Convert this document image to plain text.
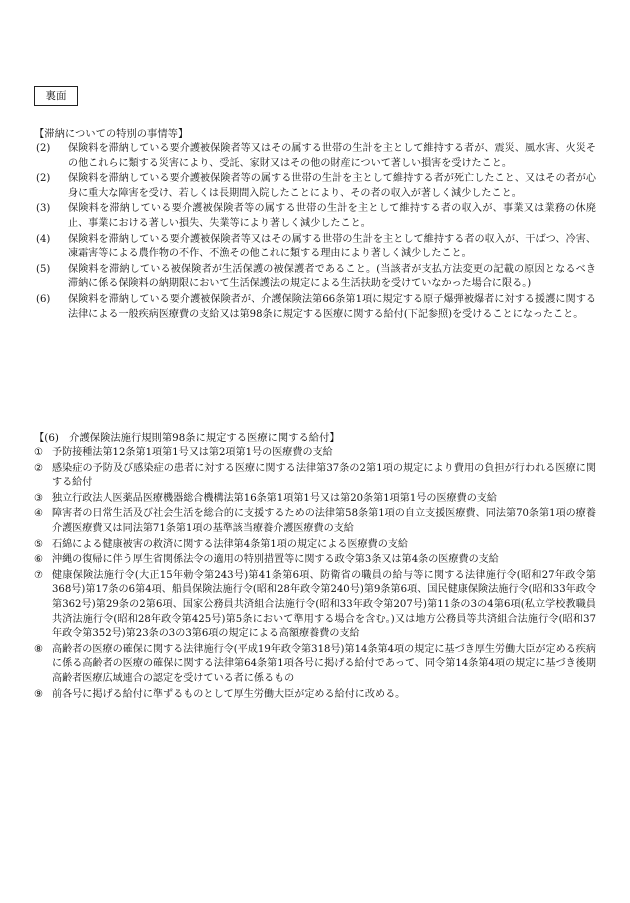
裏面
【滞納についての特別の事情等】
(2) 保険料を滞納している要介護被保険者等又はその属する世帯の生計を主として維持する者が、震災、風水害、火災その他これらに類する災害により、受託、家財又はその他の財産について著しい損害を受けたこと。
(2) 保険料を滞納している要介護被保険者等の属する世帯の生計を主として維持する者が死亡したこと、又はその者が心身に重大な障害を受け、若しくは長期間入院したことにより、その者の収入が著しく減少したこと。
(3) 保険料を滞納している要介護被保険者等の属する世帯の生計を主として維持する者の収入が、事業又は業務の休廃止、事業における著しい損失、失業等により著しく減少したこと。
(4) 保険料を滞納している要介護被保険者等又はその属する世帯の生計を主として維持する者の収入が、干ばつ、冷害、凍霜害等による農作物の不作、不漁その他これに類する理由により著しく減少したこと。
(5) 保険料を滞納している被保険者が生活保護の被保護者であること。(当該者が支払方法変更の記載の原因となるべき滞納に係る保険料の納期限において生活保護法の規定による生活扶助を受けていなかった場合に限る。)
(6) 保険料を滞納している要介護被保険者が、介護保険法第66条第1項に規定する原子爆弾被爆者に対する援護に関する法律による一般疾病医療費の支給又は第98条に規定する医療に関する給付(下記参照)を受けることになったこと。
【(6)　介護保険法施行規則第98条に規定する医療に関する給付】
① 予防接種法第12条第1項第1号又は第2項第1号の医療費の支給
② 感染症の予防及び感染症の患者に対する医療に関する法律第37条の2第1項の規定により費用の負担が行われる医療に関する給付
③ 独立行政法人医薬品医療機器総合機構法第16条第1項第1号又は第20条第1項第1号の医療費の支給
④ 障害者の日常生活及び社会生活を総合的に支援するための法律第58条第1項の自立支援医療費、同法第70条第1項の療養介護医療費又は同法第71条第1項の基準該当療養介護医療費の支給
⑤ 石綿による健康被害の救済に関する法律第4条第1項の規定による医療費の支給
⑥ 沖縄の復帰に伴う厚生省関係法令の適用の特別措置等に関する政令第3条又は第4条の医療費の支給
⑦ 健康保険法施行令(大正15年勅令第243号)第41条第6項、防衛省の職員の給与等に関する法律施行令(昭和27年政令第368号)第17条の6第4項、船員保険法施行令(昭和28年政令第240号)第9条第6項、国民健康保険法施行令(昭和33年政令第362号)第29条の2第6項、国家公務員共済組合法施行令(昭和33年政令第207号)第11条の3の4第6項(私立学校教職員共済法施行令(昭和28年政令第425号)第5条において準用する場合を含む。)又は地方公務員等共済組合法施行令(昭和37年政令第352号)第23条の3の3第6項の規定による高額療養費の支給
⑧ 高齢者の医療の確保に関する法律施行令(平成19年政令第318号)第14条第4項の規定に基づき厚生労働大臣が定める疾病に係る高齢者の医療の確保に関する法律第64条第1項各号に掲げる給付であって、同令第14条第4項の規定に基づき後期高齢者医療広域連合の認定を受けている者に係るもの
⑨ 前各号に掲げる給付に準ずるものとして厚生労働大臣が定める給付に改める。
